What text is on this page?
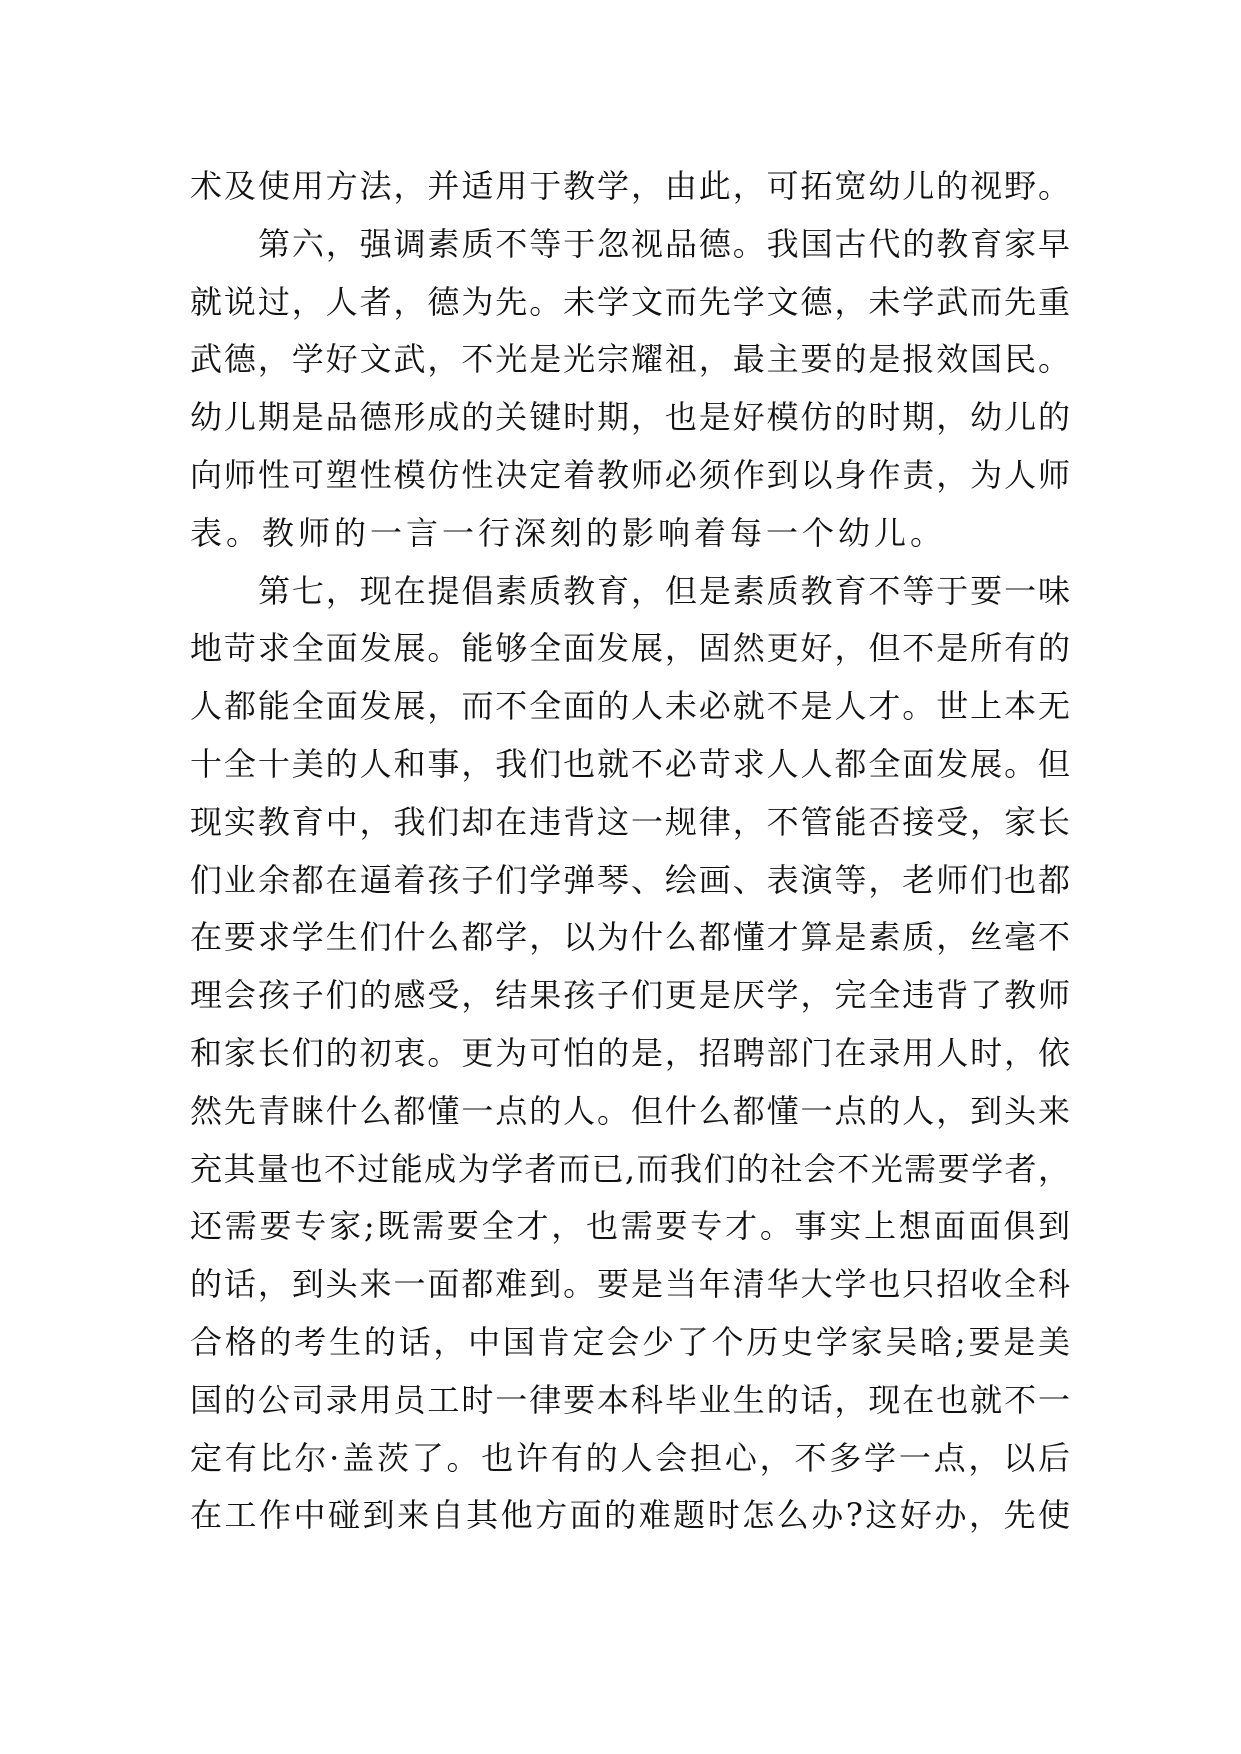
术及使用方法，并适用于教学，由此，可拓宽幼儿的视野。
第六，强调素质不等于忽视品德。我国古代的教育家早
就说过，人者，德为先。未学文而先学文德，未学武而先重
武德，学好文武，不光是光宗耀祖，最主要的是报效国民。
幼儿期是品德形成的关键时期，也是好模仿的时期，幼儿的
向师性可塑性模仿性决定着教师必须作到以身作责，为人师
表。教师的一言一行深刻的影响着每一个幼儿。
第七，现在提倡素质教育，但是素质教育不等于要一味
地苛求全面发展。能够全面发展，固然更好，但不是所有的
人都能全面发展，而不全面的人未必就不是人才。世上本无
十全十美的人和事，我们也就不必苛求人人都全面发展。但
现实教育中，我们却在违背这一规律，不管能否接受，家长
们业余都在逼着孩子们学弹琴、绘画、表演等，老师们也都
在要求学生们什么都学，以为什么都懂才算是素质，丝毫不
理会孩子们的感受，结果孩子们更是厌学，完全违背了教师
和家长们的初衷。更为可怕的是，招聘部门在录用人时，依
然先青睐什么都懂一点的人。但什么都懂一点的人，到头来
充其量也不过能成为学者而已,而我们的社会不光需要学者，
还需要专家;既需要全才，也需要专才。事实上想面面俱到
的话，到头来一面都难到。要是当年清华大学也只招收全科
合格的考生的话，中国肯定会少了个历史学家吴晗;要是美
国的公司录用员工时一律要本科毕业生的话，现在也就不一
定有比尔·盖茨了。也许有的人会担心，不多学一点，以后
在工作中碰到来自其他方面的难题时怎么办?这好办，先使
